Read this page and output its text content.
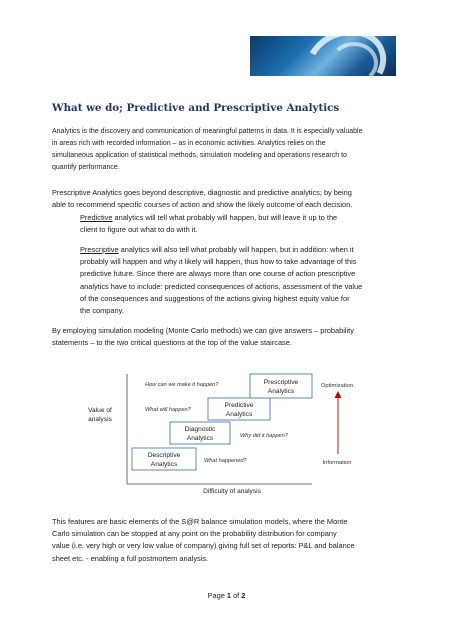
What we do; Predictive and Prescriptive Analytics
Analytics is the discovery and communication of meaningful patterns in data. It is especially valuable
in areas rich with recorded information – as in economic activities. Analytics relies on the
simultaneous application of statistical methods, simulation modeling and operations research to
quantify performance.
Prescriptive Analytics goes beyond descriptive, diagnostic and predictive analytics; by being
able to recommend specific courses of action and show the likely outcome of each decision.
Predictive analytics will tell what probably will happen, but will leave it up to the
client to figure out what to do with it.
Prescriptive analytics will also tell what probably will happen, but in addition: when it
probably will happen and why it likely will happen, thus how to take advantage of this
predictive future. Since there are always more than one course of action prescriptive
analytics have to include: predicted consequences of actions, assessment of the value
of the consequences and suggestions of the actions giving highest equity value for
the company.
By employing simulation modeling (Monte Carlo methods) we can give answers – probability
statements – to the two critical questions at the top of the value staircase.
Value of
analysis
Difficulty of analysis
Descriptive
Analytics
Diagnostic
Analytics
Predictive
Analytics
Prescriptive
Analytics
What happened?
Why did it happen?
What will happen?
How can we make it happen?	Optimization
Information
This features are basic elements of the S@R balance simulation models, where the Monte
Carlo simulation can be stopped at any point on the probability distribution for company
value (i.e. very high or very low value of company) giving full set of reports: P&L and balance
sheet etc. - enabling a full postmortem analysis.
Page 1 of 2
